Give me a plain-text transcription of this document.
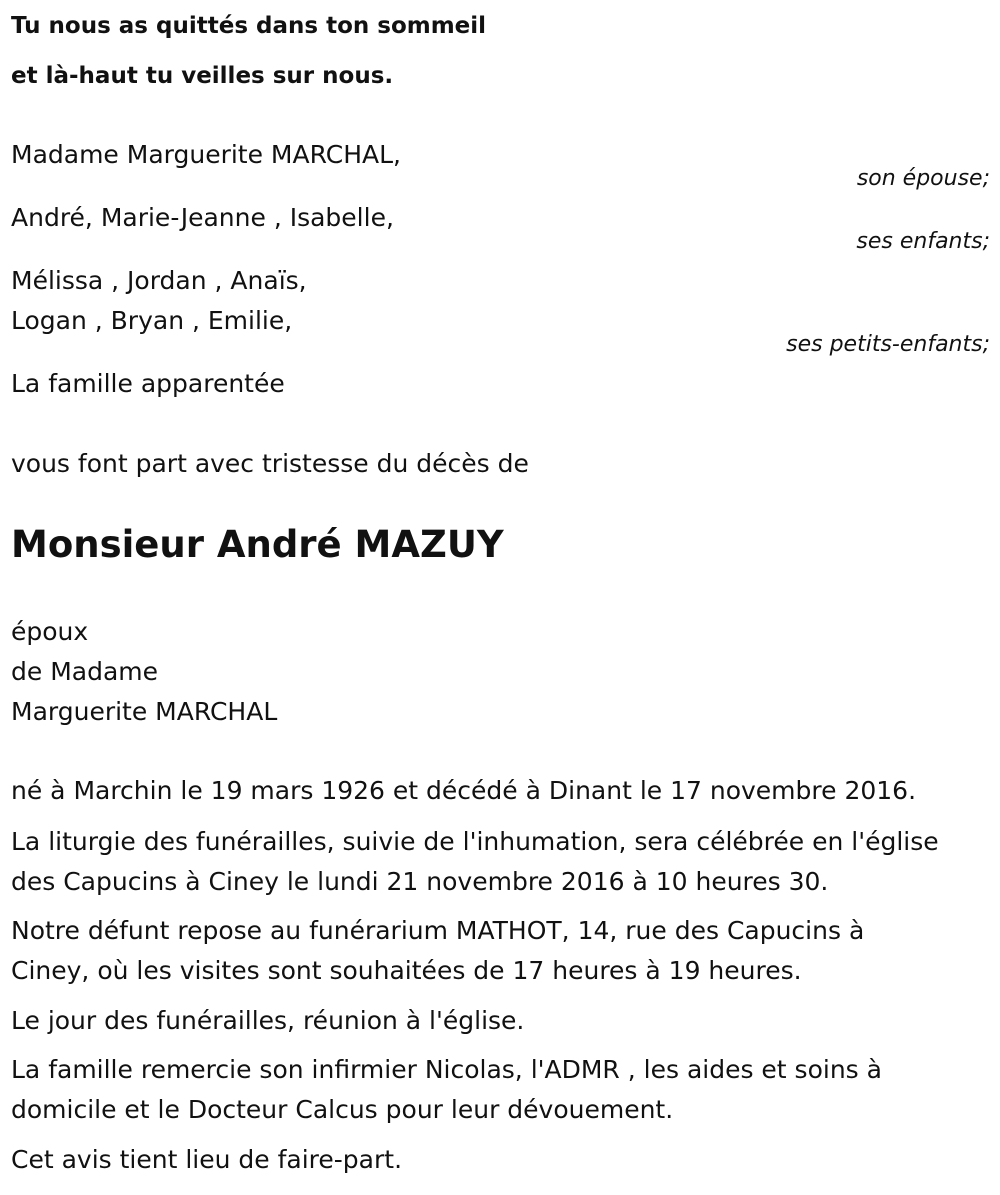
Tu nous as quittés dans ton sommeil
et là-haut tu veilles sur nous.
Madame Marguerite MARCHAL,
son épouse;
André, Marie-Jeanne , Isabelle,
ses enfants;
Mélissa , Jordan , Anaïs,
Logan , Bryan , Emilie,
ses petits-enfants;
La famille apparentée
vous font part avec tristesse du décès de
Monsieur André MAZUY
époux
de Madame
Marguerite MARCHAL
né à Marchin le 19 mars 1926 et décédé à Dinant le 17 novembre 2016.
La liturgie des funérailles, suivie de l'inhumation, sera célébrée en l'église
des Capucins à Ciney le lundi 21 novembre 2016 à 10 heures 30.
Notre défunt repose au funérarium MATHOT, 14, rue des Capucins à
Ciney, où les visites sont souhaitées de 17 heures à 19 heures.
Le jour des funérailles, réunion à l'église.
La famille remercie son infirmier Nicolas, l'ADMR , les aides et soins à
domicile et le Docteur Calcus pour leur dévouement.
Cet avis tient lieu de faire-part.
